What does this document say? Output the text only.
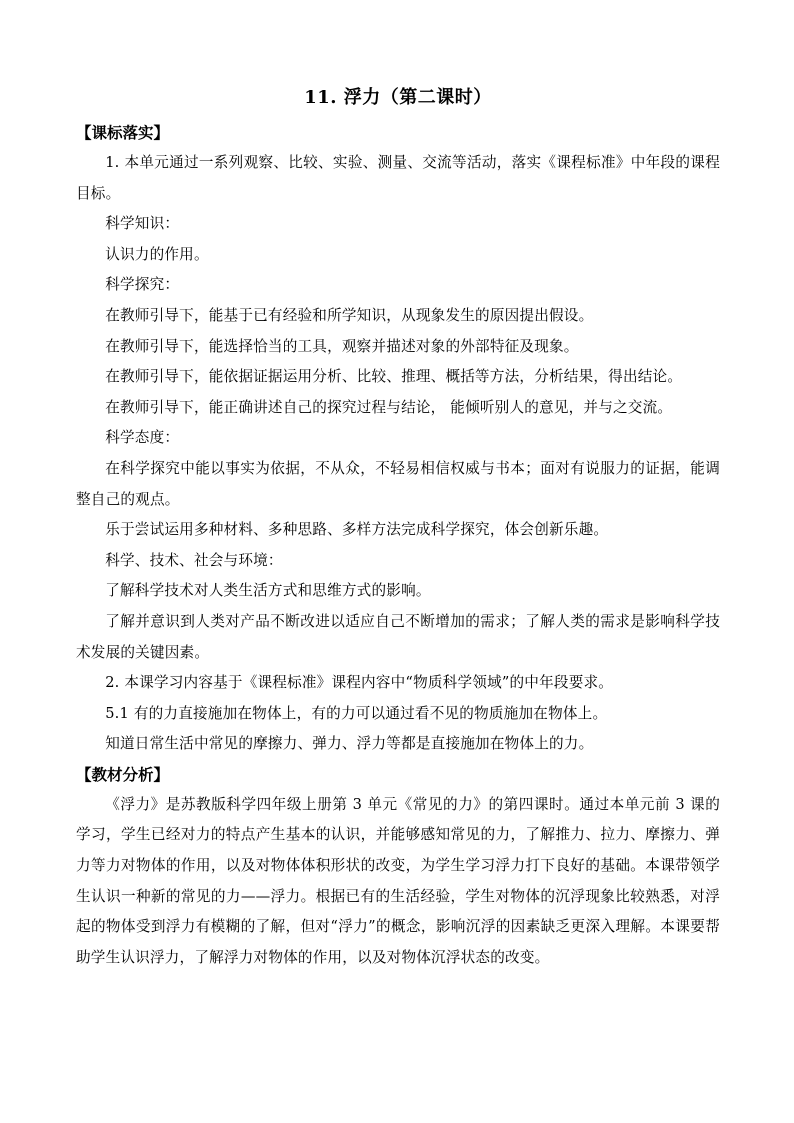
11. 浮力（第二课时）

【课标落实】

1. 本单元通过一系列观察、比较、实验、测量、交流等活动，落实《课程标准》中年段的课程目标。

科学知识：

认识力的作用。

科学探究：

在教师引导下，能基于已有经验和所学知识，从现象发生的原因提出假设。

在教师引导下，能选择恰当的工具，观察并描述对象的外部特征及现象。

在教师引导下，能依据证据运用分析、比较、推理、概括等方法，分析结果，得出结论。

在教师引导下，能正确讲述自己的探究过程与结论， 能倾听别人的意见，并与之交流。

科学态度：

在科学探究中能以事实为依据，不从众，不轻易相信权威与书本；面对有说服力的证据，能调整自己的观点。

乐于尝试运用多种材料、多种思路、多样方法完成科学探究，体会创新乐趣。

科学、技术、社会与环境：

了解科学技术对人类生活方式和思维方式的影响。

了解并意识到人类对产品不断改进以适应自己不断增加的需求；了解人类的需求是影响科学技术发展的关键因素。

2. 本课学习内容基于《课程标准》课程内容中“物质科学领域”的中年段要求。

5.1 有的力直接施加在物体上，有的力可以通过看不见的物质施加在物体上。

知道日常生活中常见的摩擦力、弹力、浮力等都是直接施加在物体上的力。

【教材分析】

《浮力》是苏教版科学四年级上册第 3 单元《常见的力》的第四课时。通过本单元前 3 课的学习，学生已经对力的特点产生基本的认识，并能够感知常见的力，了解推力、拉力、摩擦力、弹力等力对物体的作用，以及对物体体积形状的改变，为学生学习浮力打下良好的基础。本课带领学生认识一种新的常见的力——浮力。根据已有的生活经验，学生对物体的沉浮现象比较熟悉，对浮起的物体受到浮力有模糊的了解，但对“浮力”的概念，影响沉浮的因素缺乏更深入理解。本课要帮助学生认识浮力，了解浮力对物体的作用，以及对物体沉浮状态的改变。
